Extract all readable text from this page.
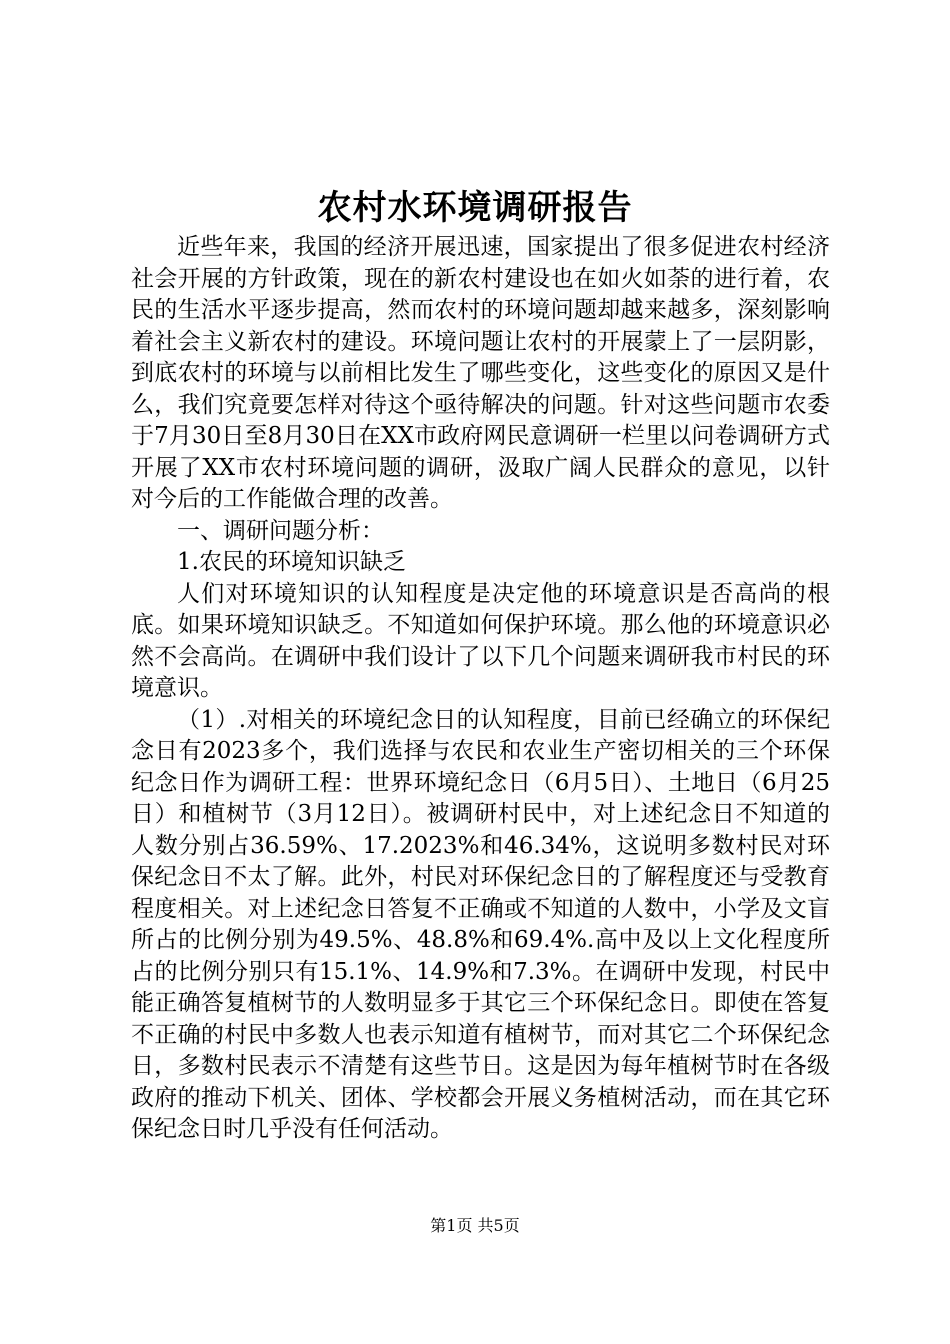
农村水环境调研报告

近些年来，我国的经济开展迅速，国家提出了很多促进农村经济社会开展的方针政策，现在的新农村建设也在如火如荼的进行着，农民的生活水平逐步提高，然而农村的环境问题却越来越多，深刻影响着社会主义新农村的建设。环境问题让农村的开展蒙上了一层阴影，到底农村的环境与以前相比发生了哪些变化，这些变化的原因又是什么，我们究竟要怎样对待这个亟待解决的问题。针对这些问题市农委于7月30日至8月30日在XX市政府网民意调研一栏里以问卷调研方式开展了XX市农村环境问题的调研，汲取广阔人民群众的意见，以针对今后的工作能做合理的改善。

一、调研问题分析：

1.农民的环境知识缺乏

人们对环境知识的认知程度是决定他的环境意识是否高尚的根底。如果环境知识缺乏。不知道如何保护环境。那么他的环境意识必然不会高尚。在调研中我们设计了以下几个问题来调研我市村民的环境意识。

（1）.对相关的环境纪念日的认知程度，目前已经确立的环保纪念日有2023多个，我们选择与农民和农业生产密切相关的三个环保纪念日作为调研工程：世界环境纪念日（6月5日）、土地日（6月25日）和植树节（3月12日）。被调研村民中，对上述纪念日不知道的人数分别占36.59%、17.2023%和46.34%，这说明多数村民对环保纪念日不太了解。此外，村民对环保纪念日的了解程度还与受教育程度相关。对上述纪念日答复不正确或不知道的人数中，小学及文盲所占的比例分别为49.5%、48.8%和69.4%.高中及以上文化程度所占的比例分别只有15.1%、14.9%和7.3%。在调研中发现，村民中能正确答复植树节的人数明显多于其它三个环保纪念日。即使在答复不正确的村民中多数人也表示知道有植树节，而对其它二个环保纪念日，多数村民表示不清楚有这些节日。这是因为每年植树节时在各级政府的推动下机关、团体、学校都会开展义务植树活动，而在其它环保纪念日时几乎没有任何活动。

第1页 共5页
